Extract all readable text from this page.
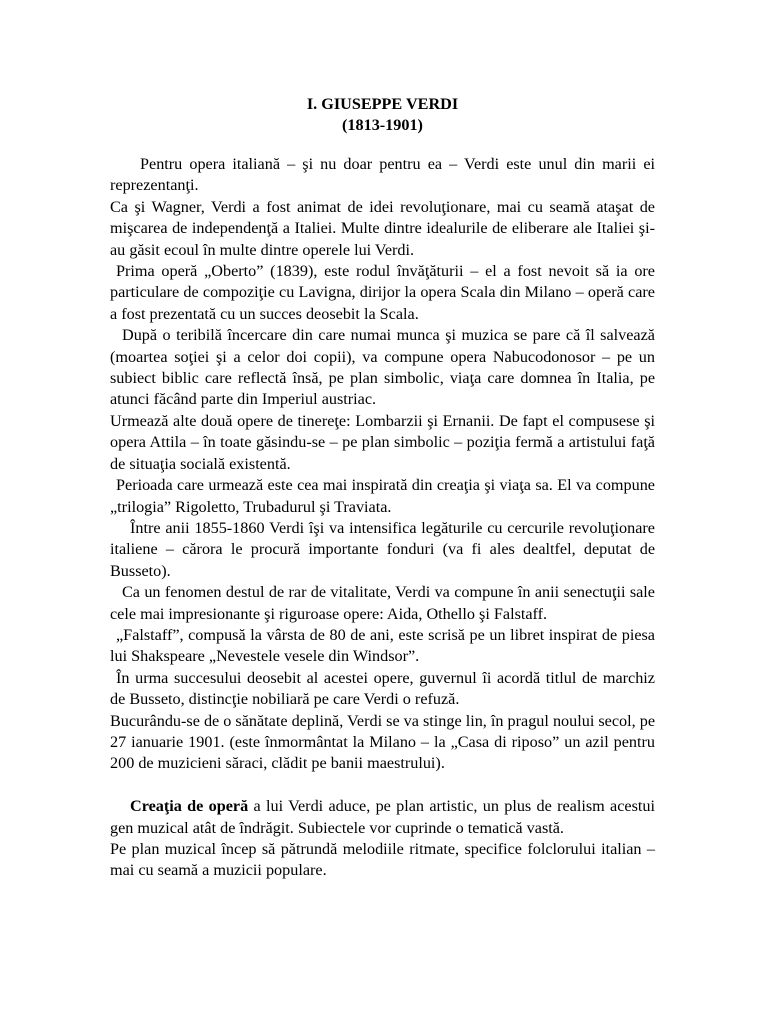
I. GIUSEPPE VERDI
(1813-1901)

Pentru opera italiană – şi nu doar pentru ea – Verdi este unul din marii ei reprezentanţi.

Ca şi Wagner, Verdi a fost animat de idei revoluţionare, mai cu seamă ataşat de mişcarea de independenţă a Italiei. Multe dintre idealurile de eliberare ale Italiei şi-au găsit ecoul în multe dintre operele lui Verdi.

Prima operă „Oberto” (1839), este rodul învăţăturii – el a fost nevoit să ia ore particulare de compoziţie cu Lavigna, dirijor la opera Scala din Milano – operă care a fost prezentată cu un succes deosebit la Scala.

După o teribilă încercare din care numai munca şi muzica se pare că îl salvează (moartea soţiei şi a celor doi copii), va compune opera Nabucodonosor – pe un subiect biblic care reflectă însă, pe plan simbolic, viaţa care domnea în Italia, pe atunci făcând parte din Imperiul austriac.

Urmează alte două opere de tinereţe: Lombarzii şi Ernanii. De fapt el compusese şi opera Attila – în toate găsindu-se – pe plan simbolic – poziţia fermă a artistului faţă de situaţia socială existentă.

Perioada care urmează este cea mai inspirată din creaţia şi viaţa sa. El va compune „trilogia” Rigoletto, Trubadurul şi Traviata.

Între anii 1855-1860 Verdi îşi va intensifica legăturile cu cercurile revoluţionare italiene – cărora le procură importante fonduri (va fi ales dealtfel, deputat de Busseto).

Ca un fenomen destul de rar de vitalitate, Verdi va compune în anii senectuţii sale cele mai impresionante şi riguroase opere: Aida, Othello şi Falstaff.

„Falstaff”, compusă la vârsta de 80 de ani, este scrisă pe un libret inspirat de piesa lui Shakspeare „Nevestele vesele din Windsor”.

În urma succesului deosebit al acestei opere, guvernul îi acordă titlul de marchiz de Busseto, distincţie nobiliară pe care Verdi o refuză.

Bucurându-se de o sănătate deplină, Verdi se va stinge lin, în pragul noului secol, pe 27 ianuarie 1901. (este înmormântat la Milano – la „Casa di riposo” un azil pentru 200 de muzicieni săraci, clădit pe banii maestrului).

Creaţia de operă a lui Verdi aduce, pe plan artistic, un plus de realism acestui gen muzical atât de îndrăgit. Subiectele vor cuprinde o tematică vastă.

Pe plan muzical încep să pătrundă melodiile ritmate, specifice folclorului italian – mai cu seamă a muzicii populare.
